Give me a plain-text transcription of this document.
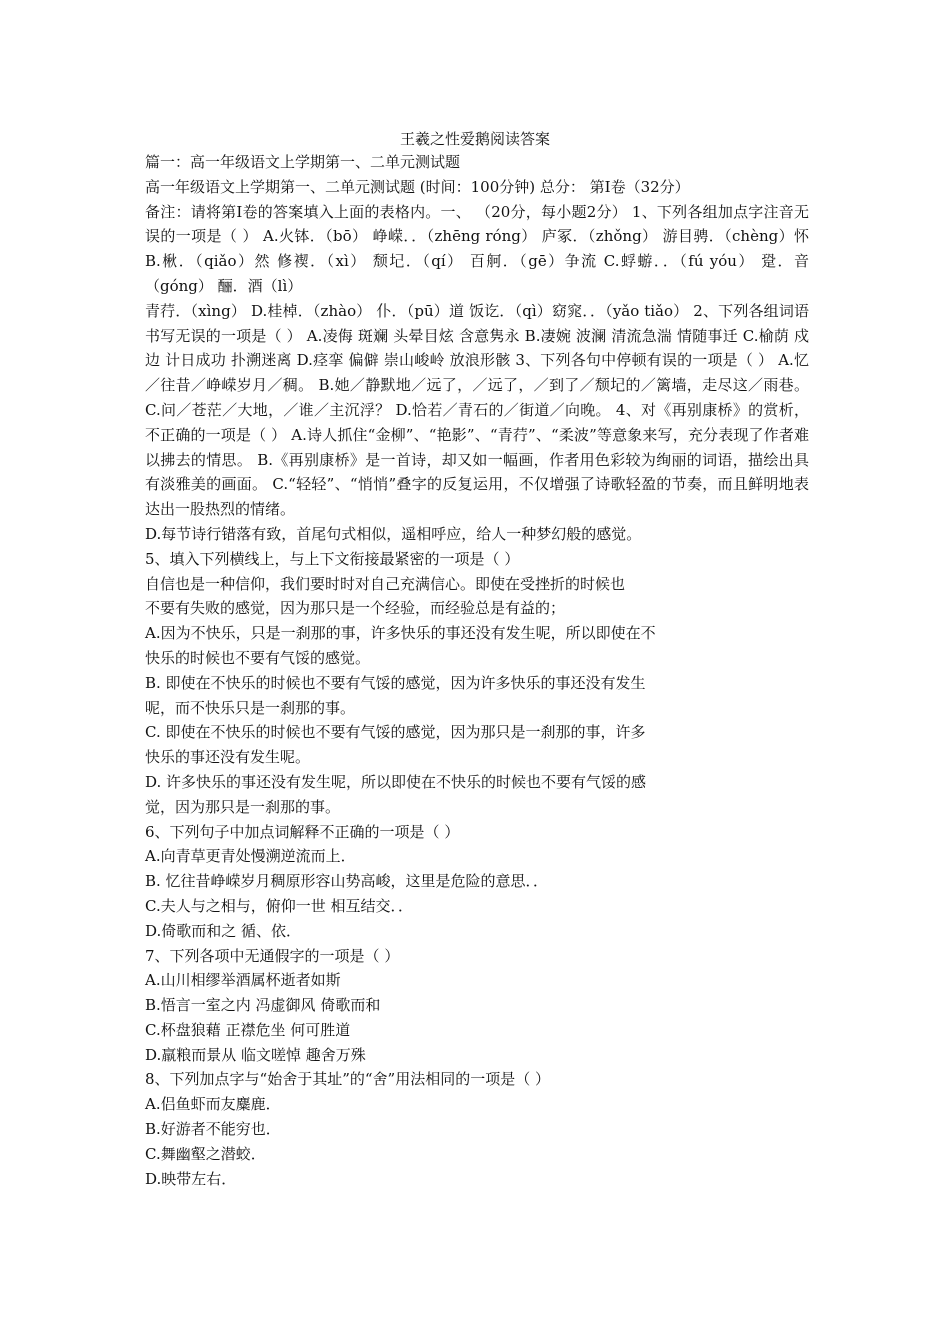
王羲之性爱鹅阅读答案
篇一：高一年级语文上学期第一、二单元测试题
高一年级语文上学期第一、二单元测试题 (时间：100分钟) 总分： 第Ⅰ卷（32分）
备注：请将第Ⅰ卷的答案填入上面的表格内。一、 （20分，每小题2分） 1、下列各组加点字注音无误的一项是（ ） A.火钵．（bō） 峥嵘．．（zhēng róng） 庐冢．（zhǒng） 游目骋．（chèng）怀 B.楸．（qiǎo）然 修褉．（xì） 颓圮．（qí） 百舸．（gē）争流 C.蜉蝣．．（fú yóu） 跫．音（góng） 酾．酒（lì）
青荇．（xìng） D.桂棹．（zhào） 仆．（pū）道 饭讫．（qì）窈窕．．（yǎo tiǎo） 2、下列各组词语书写无误的一项是（ ） A.凌侮 斑斓 头晕目炫 含意隽永 B.凄婉 波澜 清流急湍 情随事迁 C.榆荫 戍边 计日成功 扑溯迷离 D.痉挛 偏僻 崇山峻岭 放浪形骸 3、下列各句中停顿有误的一项是（ ） A.忆／往昔／峥嵘岁月／稠。 B.她／静默地／远了，／远了，／到了／颓圮的／篱墙，走尽这／雨巷。 C.问／苍茫／大地，／谁／主沉浮？ D.恰若／青石的／街道／向晚。 4、对《再别康桥》的赏析，不正确的一项是（ ） A.诗人抓住“金柳”、“艳影”、“青荇”、“柔波”等意象来写，充分表现了作者难以拂去的情思。 B.《再别康桥》是一首诗，却又如一幅画，作者用色彩较为绚丽的词语，描绘出具有淡雅美的画面。 C.“轻轻”、“悄悄”叠字的反复运用，不仅增强了诗歌轻盈的节奏，而且鲜明地表达出一股热烈的情绪。
D.每节诗行错落有致，首尾句式相似，遥相呼应，给人一种梦幻般的感觉。
5、填入下列横线上，与上下文衔接最紧密的一项是（ ）
自信也是一种信仰，我们要时时对自己充满信心。即使在受挫折的时候也
不要有失败的感觉，因为那只是一个经验，而经验总是有益的；
A.因为不快乐，只是一刹那的事，许多快乐的事还没有发生呢，所以即使在不
快乐的时候也不要有气馁的感觉。
B. 即使在不快乐的时候也不要有气馁的感觉，因为许多快乐的事还没有发生
呢，而不快乐只是一刹那的事。
C. 即使在不快乐的时候也不要有气馁的感觉，因为那只是一刹那的事，许多
快乐的事还没有发生呢。
D. 许多快乐的事还没有发生呢，所以即使在不快乐的时候也不要有气馁的感
觉，因为那只是一刹那的事。
6、下列句子中加点词解释不正确的一项是（ ）
A.向青草更青处慢溯逆流而上．
B. 忆往昔峥嵘岁月稠原形容山势高峻，这里是危险的意思．．
C.夫人与之相与，俯仰一世 相互结交．．
D.倚歌而和之 循、依．
7、下列各项中无通假字的一项是（ ）
A.山川相缪举酒属杯逝者如斯
B.悟言一室之内 冯虚御风 倚歌而和
C.杯盘狼藉 正襟危坐 何可胜道
D.羸粮而景从 临文嗟悼 趣舍万殊
8、下列加点字与“始舍于其址”的“舍”用法相同的一项是（ ）
A.侣鱼虾而友麋鹿．
B.好游者不能穷也．
C.舞幽壑之潜蛟．
D.映带左右．
